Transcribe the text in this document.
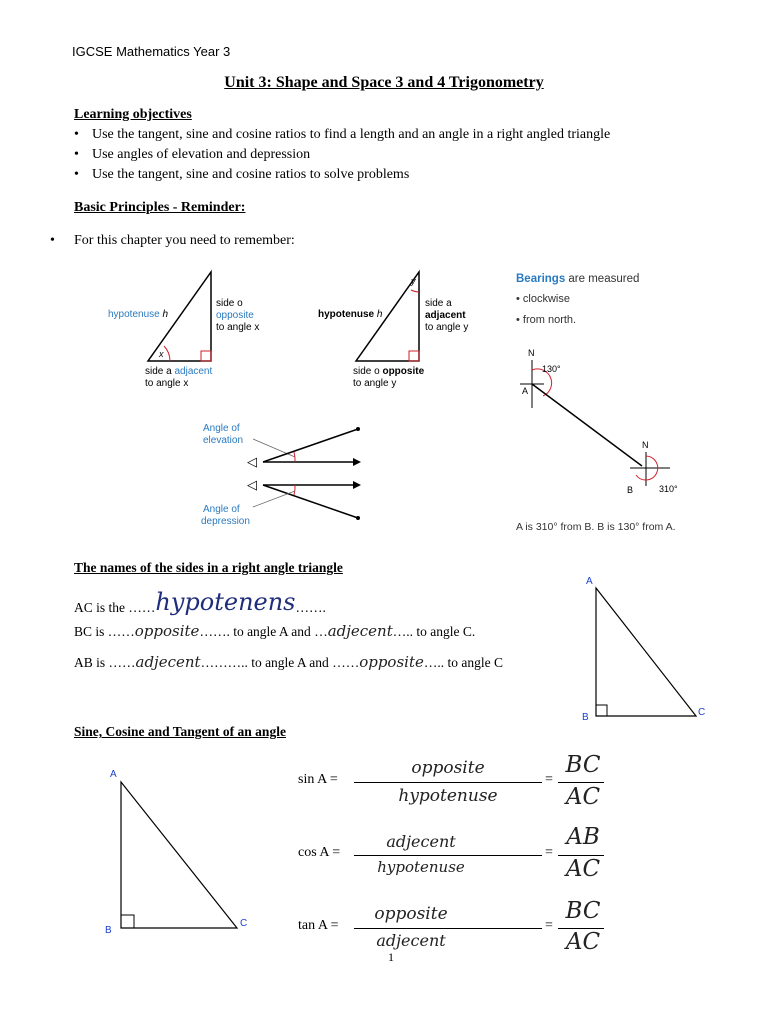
IGCSE Mathematics Year 3
Unit 3: Shape and Space 3 and 4 Trigonometry
Learning objectives
• Use the tangent, sine and cosine ratios to find a length and an angle in a right angled triangle
• Use angles of elevation and depression
• Use the tangent, sine and cosine ratios to solve problems
Basic Principles - Reminder:
• For this chapter you need to remember:
x
hypotenuse h
side o
opposite
to angle x
side a adjacent
to angle x
y
hypotenuse h
side a
adjacent
to angle y
side o opposite
to angle y
Angle of
elevation
◁
◁
Angle of
depression
Bearings are measured
• clockwise
• from north.
N
130°
A
N
B	310°
A is 310° from B. B is 130° from A.
The names of the sides in a right angle triangle
AC is the ……hypotenens…….
BC is ……opposite……. to angle A and …adjecent….. to angle C.
AB is ……adjecent……….. to angle A and ……opposite….. to angle C
A
B	C
Sine, Cosine and Tangent of an angle
A
B
C
sin A =
opposite
hypotenuse
=
BC
AC
cos A =
adjecent
hypotenuse
=
AB
AC
tan A =
opposite
adjecent
=
BC
AC
1
